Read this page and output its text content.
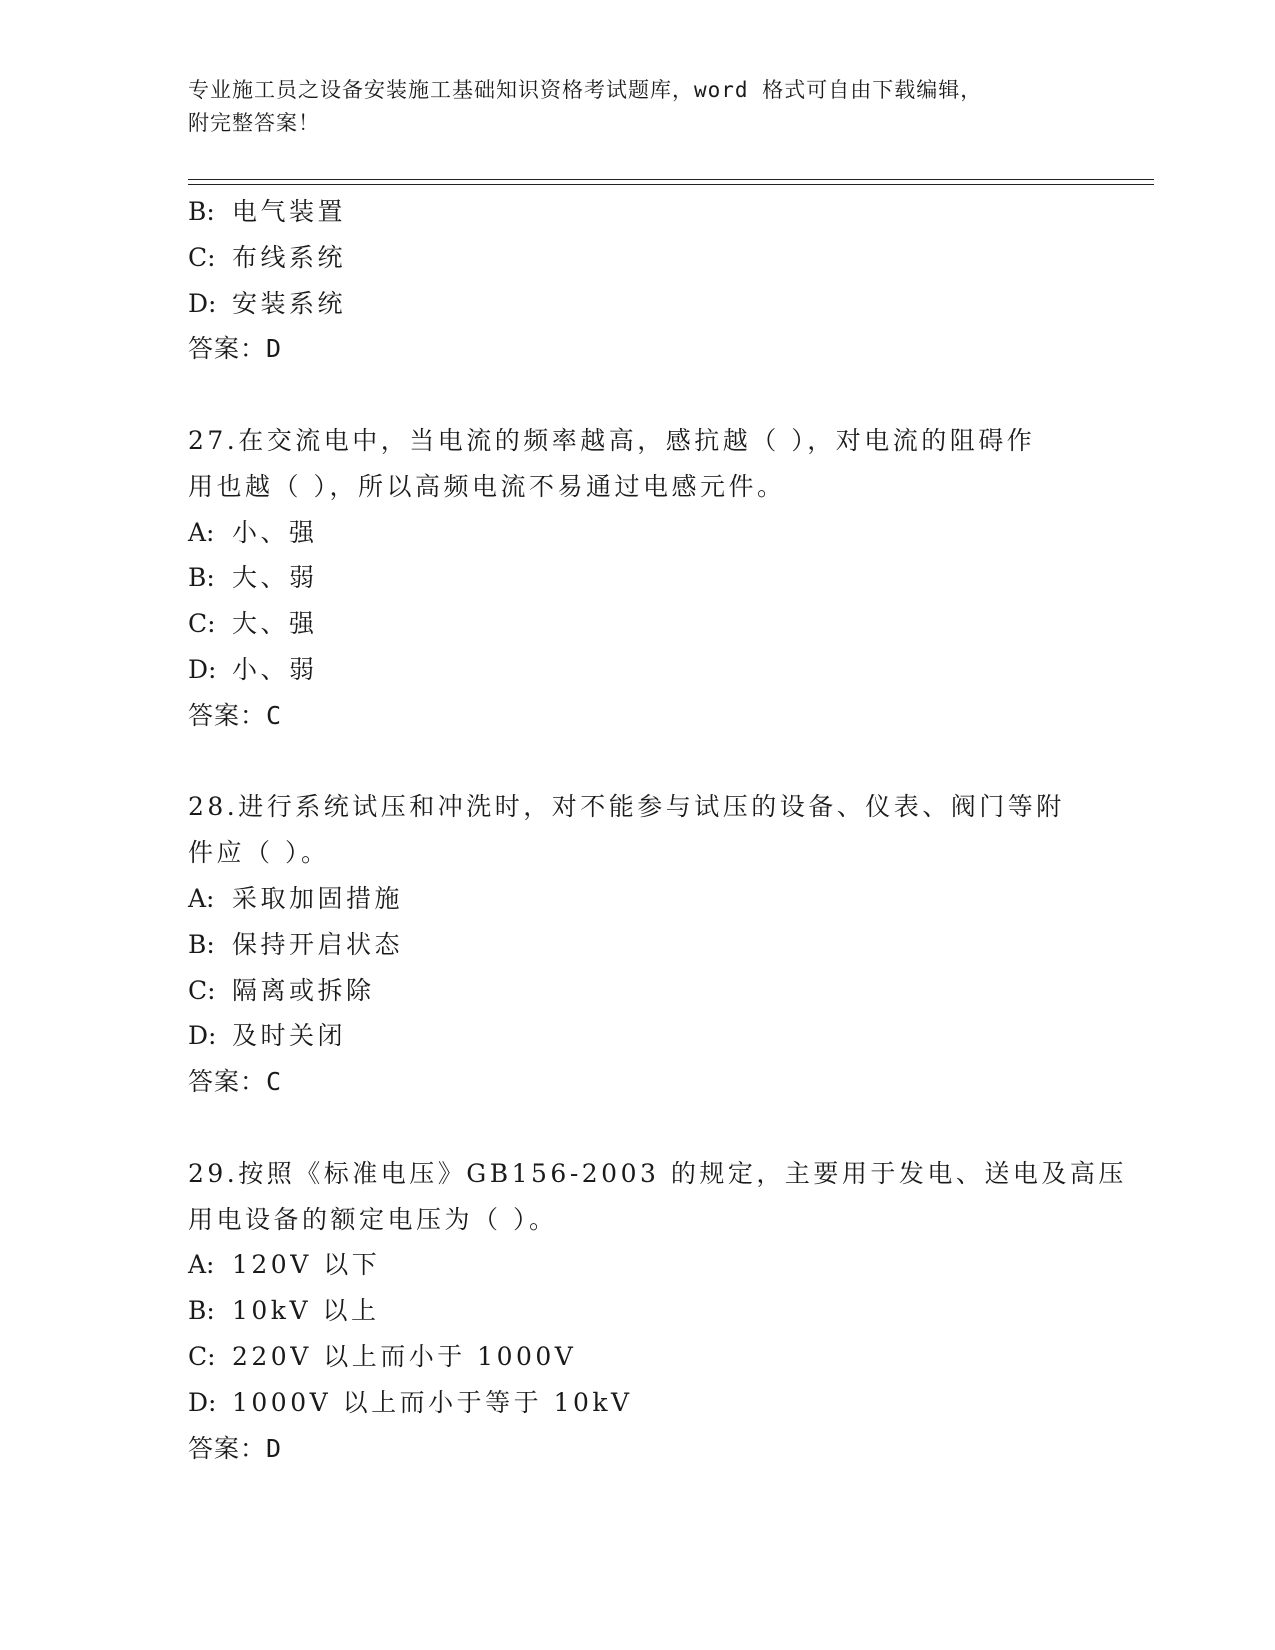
专业施工员之设备安装施工基础知识资格考试题库，word 格式可自由下载编辑，
附完整答案！
B: 电气装置
C: 布线系统
D: 安装系统
答案：D
27.在交流电中，当电流的频率越高，感抗越（ ），对电流的阻碍作
用也越（ ），所以高频电流不易通过电感元件。
A: 小、强
B: 大、弱
C: 大、强
D: 小、弱
答案：C
28.进行系统试压和冲洗时，对不能参与试压的设备、仪表、阀门等附
件应（ ）。
A: 采取加固措施
B: 保持开启状态
C: 隔离或拆除
D: 及时关闭
答案：C
29.按照《标准电压》GB156-2003 的规定，主要用于发电、送电及高压
用电设备的额定电压为（ ）。
A: 120V 以下
B: 10kV 以上
C: 220V 以上而小于 1000V
D: 1000V 以上而小于等于 10kV
答案：D
